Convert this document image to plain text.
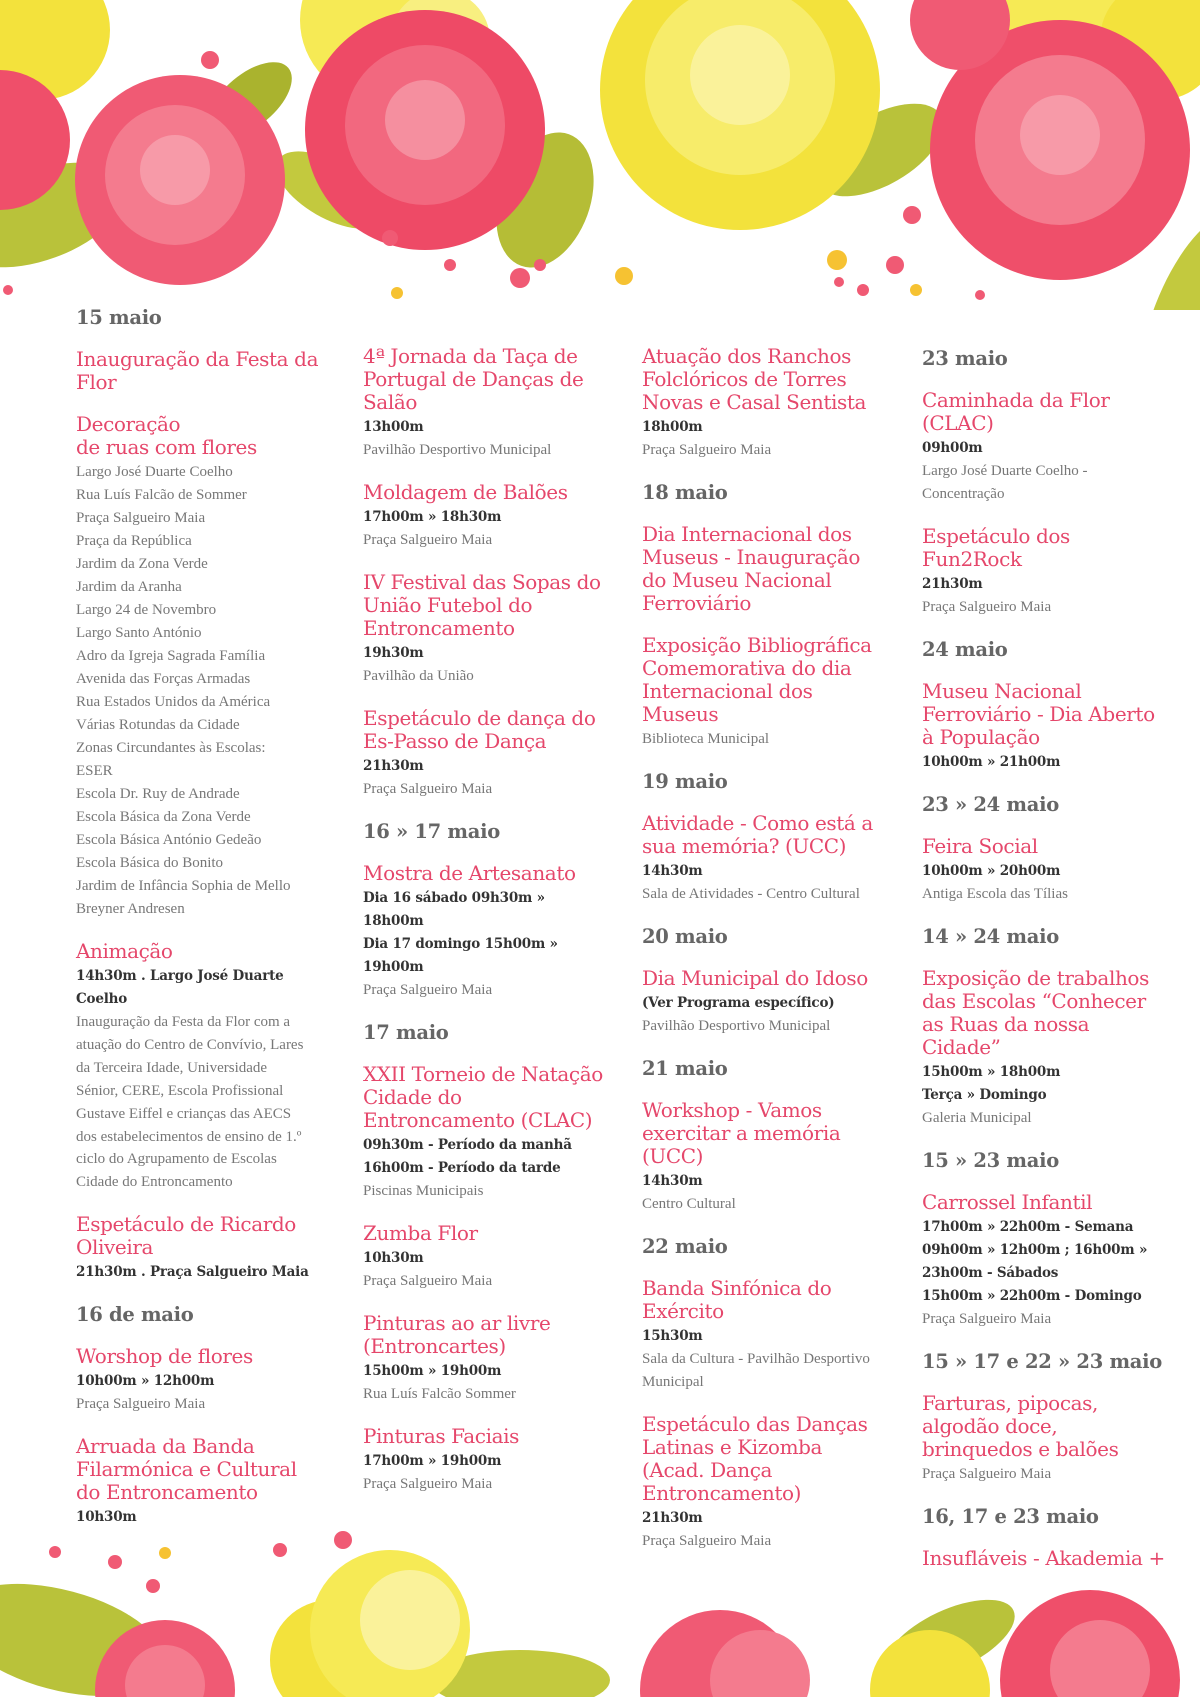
15 maio
Inauguração da Festa da Flor
Decoração
de ruas com flores
Largo José Duarte Coelho
Rua Luís Falcão de Sommer
Praça Salgueiro Maia
Praça da República
Jardim da Zona Verde
Jardim da Aranha
Largo 24 de Novembro
Largo Santo António
Adro da Igreja Sagrada Família
Avenida das Forças Armadas
Rua Estados Unidos da América
Várias Rotundas da Cidade
Zonas Circundantes às Escolas:
ESER
Escola Dr. Ruy de Andrade
Escola Básica da Zona Verde
Escola Básica António Gedeão
Escola Básica do Bonito
Jardim de Infância Sophia de Mello
Breyner Andresen
Animação
14h30m . Largo José Duarte Coelho
Inauguração da Festa da Flor com a
atuação do Centro de Convívio, Lares
da Terceira Idade, Universidade
Sénior, CERE, Escola Profissional
Gustave Eiffel e crianças das AECS
dos estabelecimentos de ensino de 1.º
ciclo do Agrupamento de Escolas
Cidade do Entroncamento
Espetáculo de Ricardo Oliveira
21h30m . Praça Salgueiro Maia
16 de maio
Worshop de flores
10h00m » 12h00m
Praça Salgueiro Maia
Arruada da Banda Filarmónica e Cultural do Entroncamento
10h30m
4ª Jornada da Taça de Portugal de Danças de Salão
13h00m
Pavilhão Desportivo Municipal
Moldagem de Balões
17h00m » 18h30m
Praça Salgueiro Maia
IV Festival das Sopas do União Futebol do Entroncamento
19h30m
Pavilhão da União
Espetáculo de dança do Es-Passo de Dança
21h30m
Praça Salgueiro Maia
16 » 17 maio
Mostra de Artesanato
Dia 16 sábado 09h30m » 18h00m
Dia 17 domingo 15h00m » 19h00m
Praça Salgueiro Maia
17 maio
XXII Torneio de Natação Cidade do Entroncamento (CLAC)
09h30m - Período da manhã
16h00m - Período da tarde
Piscinas Municipais
Zumba Flor
10h30m
Praça Salgueiro Maia
Pinturas ao ar livre (Entroncartes)
15h00m » 19h00m
Rua Luís Falcão Sommer
Pinturas Faciais
17h00m » 19h00m
Praça Salgueiro Maia
Atuação dos Ranchos Folclóricos de Torres Novas e Casal Sentista
18h00m
Praça Salgueiro Maia
18 maio
Dia Internacional dos Museus - Inauguração do Museu Nacional Ferroviário
Exposição Bibliográfica Comemorativa do dia Internacional dos Museus
Biblioteca Municipal
19 maio
Atividade - Como está a sua memória? (UCC)
14h30m
Sala de Atividades - Centro Cultural
20 maio
Dia Municipal do Idoso
(Ver Programa específico)
Pavilhão Desportivo Municipal
21 maio
Workshop - Vamos exercitar a memória (UCC)
14h30m
Centro Cultural
22 maio
Banda Sinfónica do Exército
15h30m
Sala da Cultura - Pavilhão Desportivo
Municipal
Espetáculo das Danças Latinas e Kizomba (Acad. Dança Entroncamento)
21h30m
Praça Salgueiro Maia
23 maio
Caminhada da Flor (CLAC)
09h00m
Largo José Duarte Coelho -
Concentração
Espetáculo dos Fun2Rock
21h30m
Praça Salgueiro Maia
24 maio
Museu Nacional Ferroviário - Dia Aberto à População
10h00m » 21h00m
23 » 24 maio
Feira Social
10h00m » 20h00m
Antiga Escola das Tílias
14 » 24 maio
Exposição de trabalhos das Escolas “Conhecer as Ruas da nossa Cidade”
15h00m » 18h00m
Terça » Domingo
Galeria Municipal
15 » 23 maio
Carrossel Infantil
17h00m » 22h00m - Semana
09h00m » 12h00m ; 16h00m »
23h00m - Sábados
15h00m » 22h00m - Domingo
Praça Salgueiro Maia
15 » 17 e 22 » 23 maio
Farturas, pipocas, algodão doce, brinquedos e balões
Praça Salgueiro Maia
16, 17 e 23 maio
Insufláveis - Akademia +
